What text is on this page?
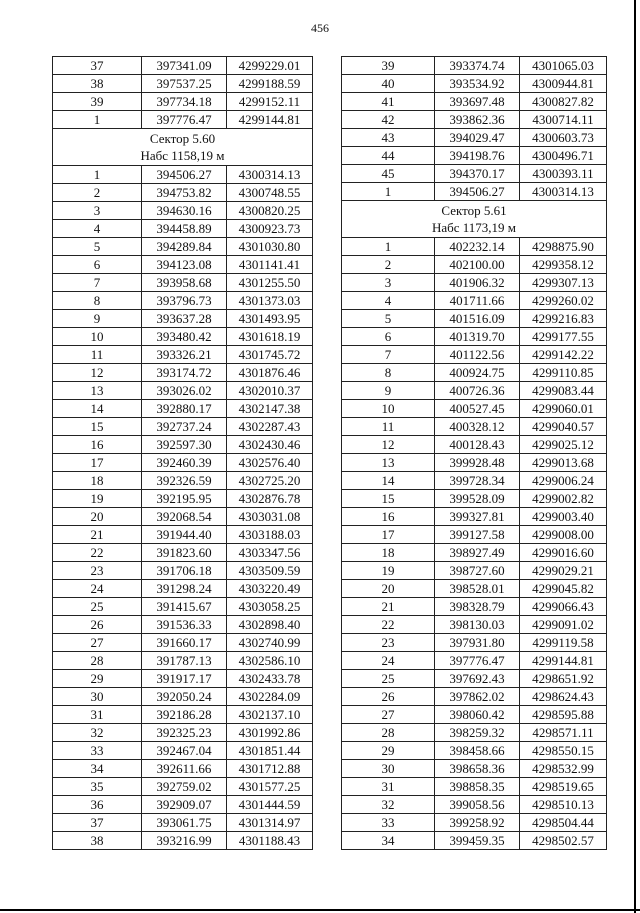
456
37	397341.09	4299229.01
38	397537.25	4299188.59
39	397734.18	4299152.11
1	397776.47	4299144.81

Сектор 5.60
Набс 1158,19 м		

1	394506.27	4300314.13
2	394753.82	4300748.55
3	394630.16	4300820.25
4	394458.89	4300923.73
5	394289.84	4301030.80
6	394123.08	4301141.41
7	393958.68	4301255.50
8	393796.73	4301373.03
9	393637.28	4301493.95
10	393480.42	4301618.19
11	393326.21	4301745.72
12	393174.72	4301876.46
13	393026.02	4302010.37
14	392880.17	4302147.38
15	392737.24	4302287.43
16	392597.30	4302430.46
17	392460.39	4302576.40
18	392326.59	4302725.20
19	392195.95	4302876.78
20	392068.54	4303031.08
21	391944.40	4303188.03
22	391823.60	4303347.56
23	391706.18	4303509.59
24	391298.24	4303220.49
25	391415.67	4303058.25
26	391536.33	4302898.40
27	391660.17	4302740.99
28	391787.13	4302586.10
29	391917.17	4302433.78
30	392050.24	4302284.09
31	392186.28	4302137.10
32	392325.23	4301992.86
33	392467.04	4301851.44
34	392611.66	4301712.88
35	392759.02	4301577.25
36	392909.07	4301444.59
37	393061.75	4301314.97
38	393216.99	4301188.43
39	393374.74	4301065.03
40	393534.92	4300944.81
41	393697.48	4300827.82
42	393862.36	4300714.11
43	394029.47	4300603.73
44	394198.76	4300496.71
45	394370.17	4300393.11
1	394506.27	4300314.13

Сектор 5.61
Набс 1173,19 м		

1	402232.14	4298875.90
2	402100.00	4299358.12
3	401906.32	4299307.13
4	401711.66	4299260.02
5	401516.09	4299216.83
6	401319.70	4299177.55
7	401122.56	4299142.22
8	400924.75	4299110.85
9	400726.36	4299083.44
10	400527.45	4299060.01
11	400328.12	4299040.57
12	400128.43	4299025.12
13	399928.48	4299013.68
14	399728.34	4299006.24
15	399528.09	4299002.82
16	399327.81	4299003.40
17	399127.58	4299008.00
18	398927.49	4299016.60
19	398727.60	4299029.21
20	398528.01	4299045.82
21	398328.79	4299066.43
22	398130.03	4299091.02
23	397931.80	4299119.58
24	397776.47	4299144.81
25	397692.43	4298651.92
26	397862.02	4298624.43
27	398060.42	4298595.88
28	398259.32	4298571.11
29	398458.66	4298550.15
30	398658.36	4298532.99
31	398858.35	4298519.65
32	399058.56	4298510.13
33	399258.92	4298504.44
34	399459.35	4298502.57
